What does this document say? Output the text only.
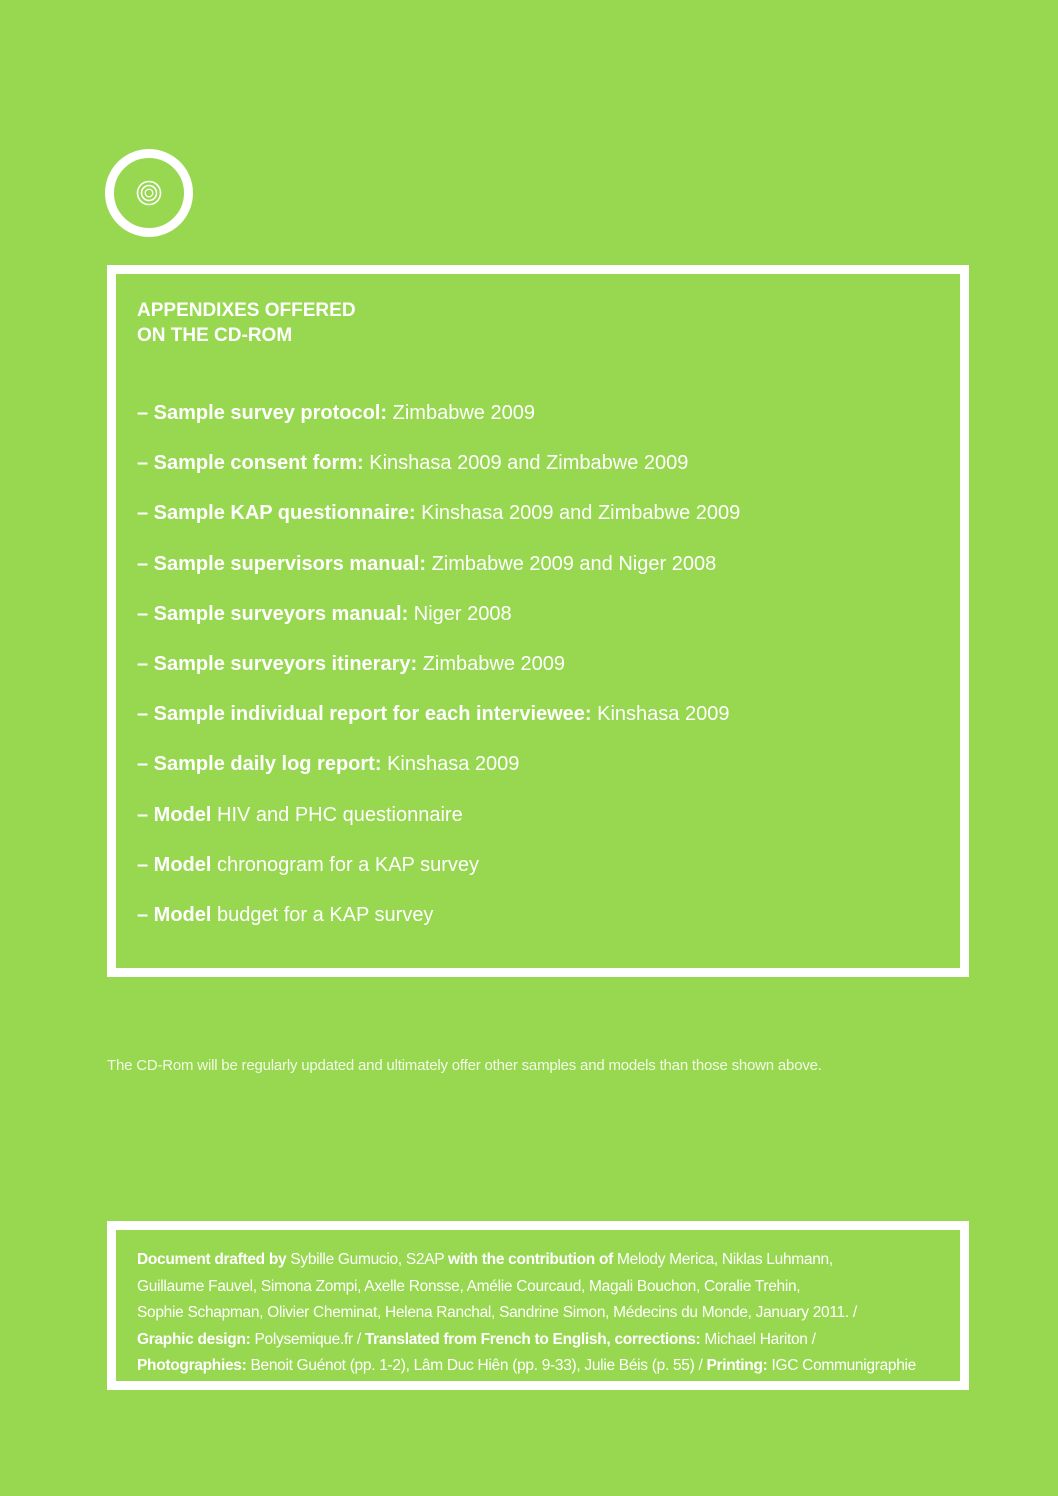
APPENDIXES OFFERED
ON THE CD-ROM

– Sample survey protocol: Zimbabwe 2009
– Sample consent form: Kinshasa 2009 and Zimbabwe 2009
– Sample KAP questionnaire: Kinshasa 2009 and Zimbabwe 2009
– Sample supervisors manual: Zimbabwe 2009 and Niger 2008
– Sample surveyors manual: Niger 2008
– Sample surveyors itinerary: Zimbabwe 2009
– Sample individual report for each interviewee: Kinshasa 2009
– Sample daily log report: Kinshasa 2009
– Model HIV and PHC questionnaire
– Model chronogram for a KAP survey
– Model budget for a KAP survey

The CD-Rom will be regularly updated and ultimately offer other samples and models than those shown above.

Document drafted by Sybille Gumucio, S2AP with the contribution of Melody Merica, Niklas Luhmann,
Guillaume Fauvel, Simona Zompi, Axelle Ronsse, Amélie Courcaud, Magali Bouchon, Coralie Trehin,
Sophie Schapman, Olivier Cheminat, Helena Ranchal, Sandrine Simon, Médecins du Monde, January 2011. /
Graphic design: Polysemique.fr / Translated from French to English, corrections: Michael Hariton /
Photographies: Benoit Guénot (pp. 1-2), Lâm Duc Hiên (pp. 9-33), Julie Béis (p. 55) / Printing: IGC Communigraphie
